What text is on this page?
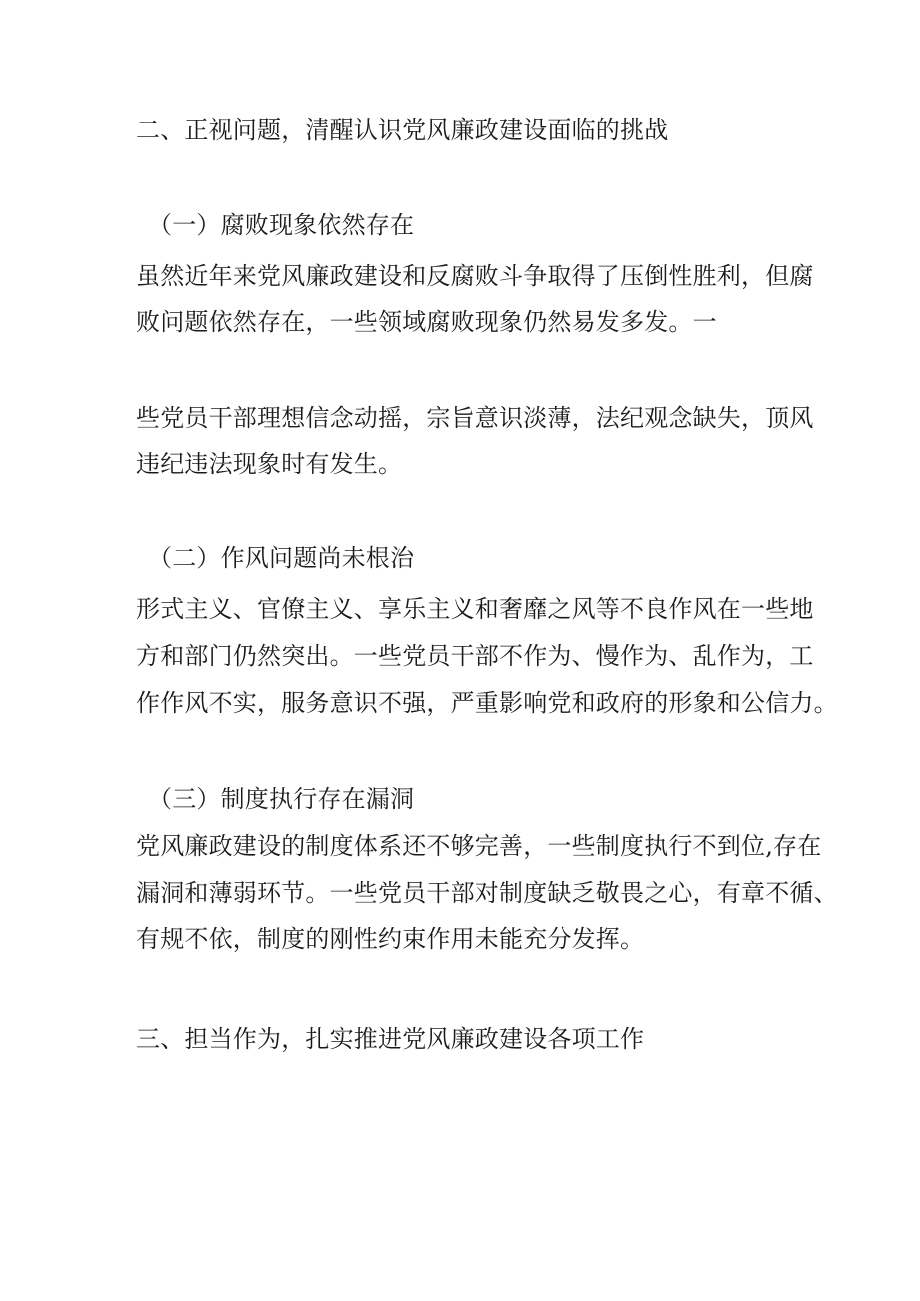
二、正视问题，清醒认识党风廉政建设面临的挑战
（一）腐败现象依然存在
虽然近年来党风廉政建设和反腐败斗争取得了压倒性胜利，但腐
败问题依然存在，一些领域腐败现象仍然易发多发。一
些党员干部理想信念动摇，宗旨意识淡薄，法纪观念缺失，顶风
违纪违法现象时有发生。
（二）作风问题尚未根治
形式主义、官僚主义、享乐主义和奢靡之风等不良作风在一些地
方和部门仍然突出。一些党员干部不作为、慢作为、乱作为，工
作作风不实，服务意识不强，严重影响党和政府的形象和公信力。
（三）制度执行存在漏洞
党风廉政建设的制度体系还不够完善，一些制度执行不到位,存在
漏洞和薄弱环节。一些党员干部对制度缺乏敬畏之心，有章不循、
有规不依，制度的刚性约束作用未能充分发挥。
三、担当作为，扎实推进党风廉政建设各项工作
